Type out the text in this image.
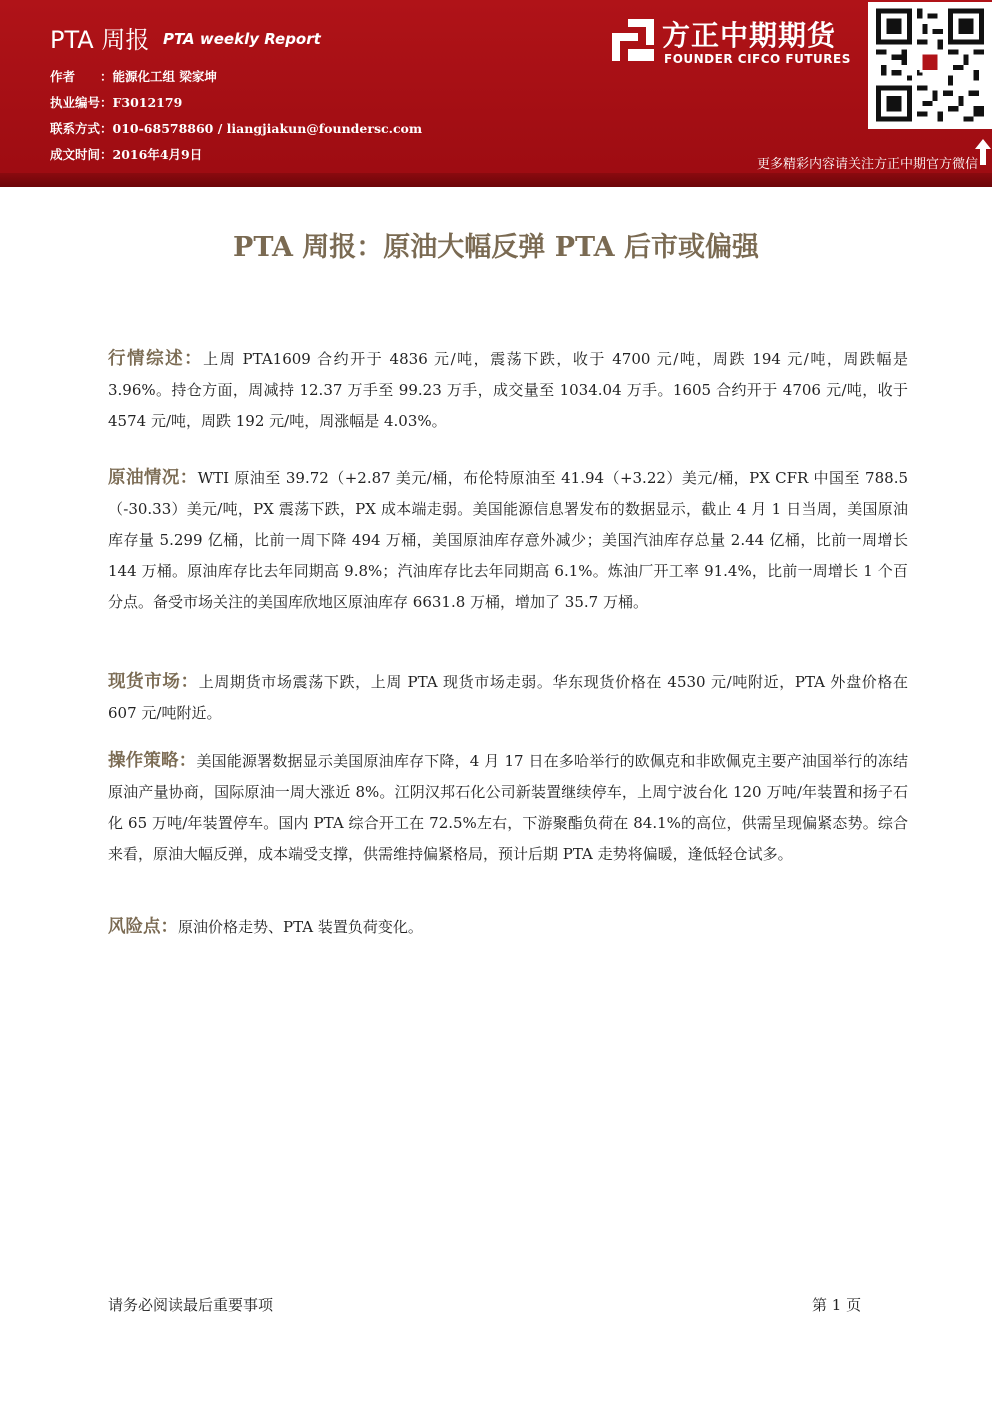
PTA 周报 PTA weekly Report
作者　　：能源化工组 梁家坤
执业编号：F3012179
联系方式：010-68578860 / liangjiakun@foundersc.com
成文时间：2016年4月9日
方正中期期货
FOUNDER CIFCO FUTURES
更多精彩内容请关注方正中期官方微信
PTA 周报：原油大幅反弹 PTA 后市或偏强
行情综述：上周 PTA1609 合约开于 4836 元/吨，震荡下跌，收于 4700 元/吨，周跌 194 元/吨，周跌幅是 3.96%。持仓方面，周减持 12.37 万手至 99.23 万手，成交量至 1034.04 万手。1605 合约开于 4706 元/吨，收于 4574 元/吨，周跌 192 元/吨，周涨幅是 4.03%。
原油情况：WTI 原油至 39.72（+2.87 美元/桶，布伦特原油至 41.94（+3.22）美元/桶，PX CFR 中国至 788.5（-30.33）美元/吨，PX 震荡下跌，PX 成本端走弱。美国能源信息署发布的数据显示，截止 4 月 1 日当周，美国原油库存量 5.299 亿桶，比前一周下降 494 万桶，美国原油库存意外减少；美国汽油库存总量 2.44 亿桶，比前一周增长 144 万桶。原油库存比去年同期高 9.8%；汽油库存比去年同期高 6.1%。炼油厂开工率 91.4%，比前一周增长 1 个百分点。备受市场关注的美国库欣地区原油库存 6631.8 万桶，增加了 35.7 万桶。
现货市场：上周期货市场震荡下跌，上周 PTA 现货市场走弱。华东现货价格在 4530 元/吨附近，PTA 外盘价格在 607 元/吨附近。
操作策略：美国能源署数据显示美国原油库存下降，4 月 17 日在多哈举行的欧佩克和非欧佩克主要产油国举行的冻结原油产量协商，国际原油一周大涨近 8%。江阴汉邦石化公司新装置继续停车，上周宁波台化 120 万吨/年装置和扬子石化 65 万吨/年装置停车。国内 PTA 综合开工在 72.5%左右，下游聚酯负荷在 84.1%的高位，供需呈现偏紧态势。综合来看，原油大幅反弹，成本端受支撑，供需维持偏紧格局，预计后期 PTA 走势将偏暖，逢低轻仓试多。
风险点：原油价格走势、PTA 装置负荷变化。
请务必阅读最后重要事项	第 1 页
